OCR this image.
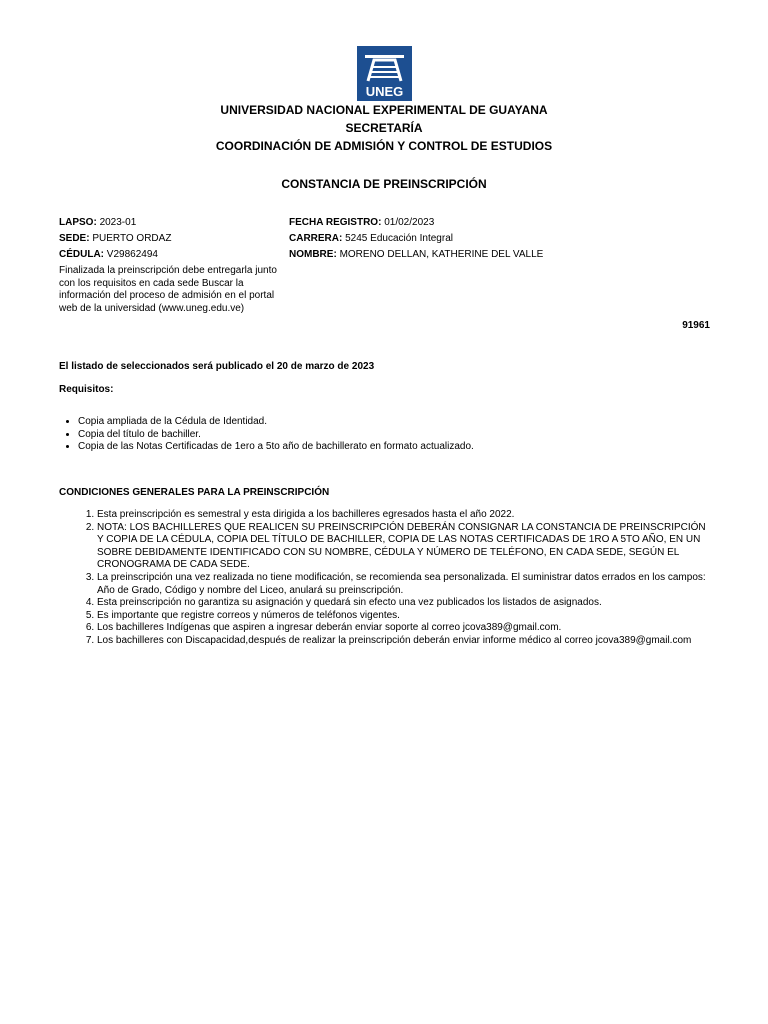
UNEG
UNIVERSIDAD NACIONAL EXPERIMENTAL DE GUAYANA
SECRETARÍA
COORDINACIÓN DE ADMISIÓN Y CONTROL DE ESTUDIOS
CONSTANCIA DE PREINSCRIPCIÓN
LAPSO: 2023-01
SEDE: PUERTO ORDAZ
CÉDULA: V29862494
FECHA REGISTRO: 01/02/2023
CARRERA: 5245 Educación Integral
NOMBRE: MORENO DELLAN, KATHERINE DEL VALLE
Finalizada la preinscripción debe entregarla junto con los requisitos en cada sede Buscar la información del proceso de admisión en el portal web de la universidad (www.uneg.edu.ve)
91961
El listado de seleccionados será publicado el 20 de marzo de 2023
Requisitos:
• Copia ampliada de la Cédula de Identidad.
• Copia del título de bachiller.
• Copia de las Notas Certificadas de 1ero a 5to año de bachillerato en formato actualizado.
CONDICIONES GENERALES PARA LA PREINSCRIPCIÓN
1. Esta preinscripción es semestral y esta dirigida a los bachilleres egresados hasta el año 2022.
2. NOTA: LOS BACHILLERES QUE REALICEN SU PREINSCRIPCIÓN DEBERÁN CONSIGNAR LA CONSTANCIA DE PREINSCRIPCIÓN Y COPIA DE LA CÉDULA, COPIA DEL TÍTULO DE BACHILLER, COPIA DE LAS NOTAS CERTIFICADAS DE 1RO A 5TO AÑO, EN UN SOBRE DEBIDAMENTE IDENTIFICADO CON SU NOMBRE, CÉDULA Y NÚMERO DE TELÉFONO, EN CADA SEDE, SEGÚN EL CRONOGRAMA DE CADA SEDE.
3. La preinscripción una vez realizada no tiene modificación, se recomienda sea personalizada. El suministrar datos errados en los campos: Año de Grado, Código y nombre del Liceo, anulará su preinscripción.
4. Esta preinscripción no garantiza su asignación y quedará sin efecto una vez publicados los listados de asignados.
5. Es importante que registre correos y números de teléfonos vigentes.
6. Los bachilleres Indígenas que aspiren a ingresar deberán enviar soporte al correo jcova389@gmail.com.
7. Los bachilleres con Discapacidad,después de realizar la preinscripción deberán enviar informe médico al correo jcova389@gmail.com
